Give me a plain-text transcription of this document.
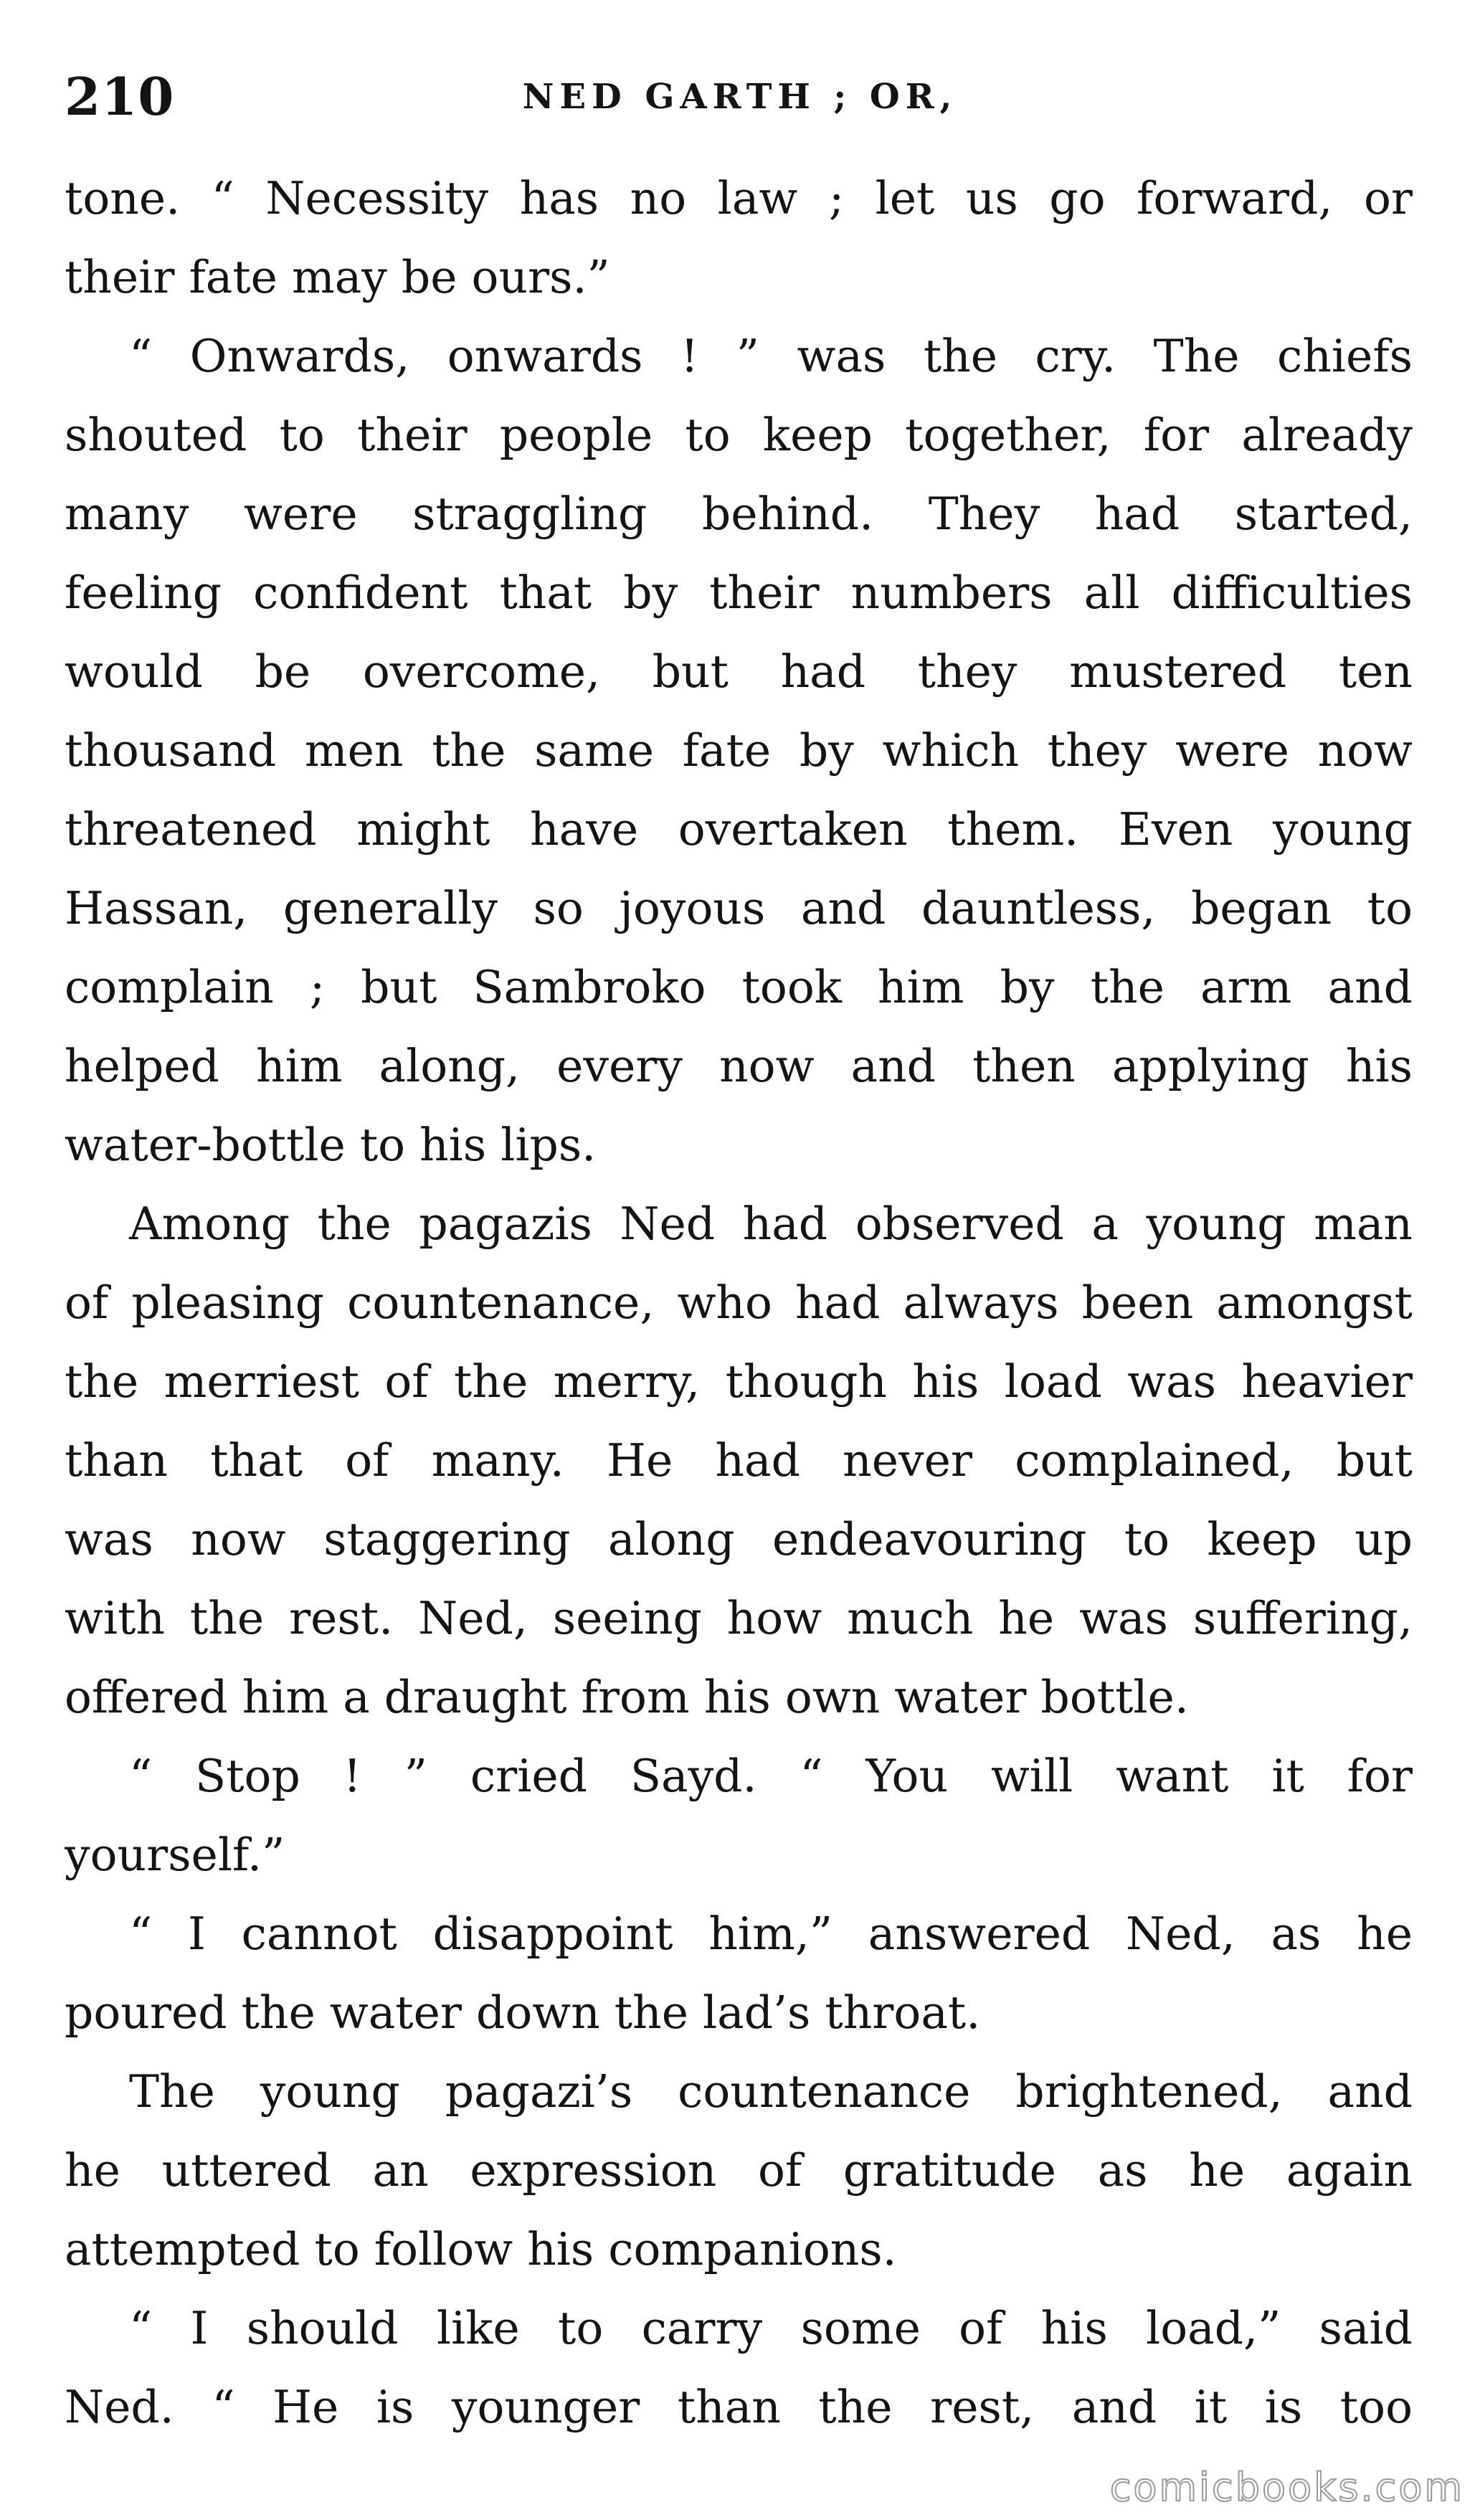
210	NED GARTH ; OR,
tone. “ Necessity has no law ; let us go forward, or
their fate may be ours.”
“ Onwards, onwards ! ” was the cry. The chiefs
shouted to their people to keep together, for already
many were straggling behind. They had started,
feeling confident that by their numbers all difficulties
would be overcome, but had they mustered ten
thousand men the same fate by which they were now
threatened might have overtaken them. Even young
Hassan, generally so joyous and dauntless, began to
complain ; but Sambroko took him by the arm and
helped him along, every now and then applying his
water-bottle to his lips.
Among the pagazis Ned had observed a young man
of pleasing countenance, who had always been amongst
the merriest of the merry, though his load was heavier
than that of many. He had never complained, but
was now staggering along endeavouring to keep up
with the rest. Ned, seeing how much he was suffering,
offered him a draught from his own water bottle.
“ Stop ! ” cried Sayd. “ You will want it for
yourself.”
“ I cannot disappoint him,” answered Ned, as he
poured the water down the lad’s throat.
The young pagazi’s countenance brightened, and
he uttered an expression of gratitude as he again
attempted to follow his companions.
“ I should like to carry some of his load,” said
Ned. “ He is younger than the rest, and it is too
comicbooks.com
